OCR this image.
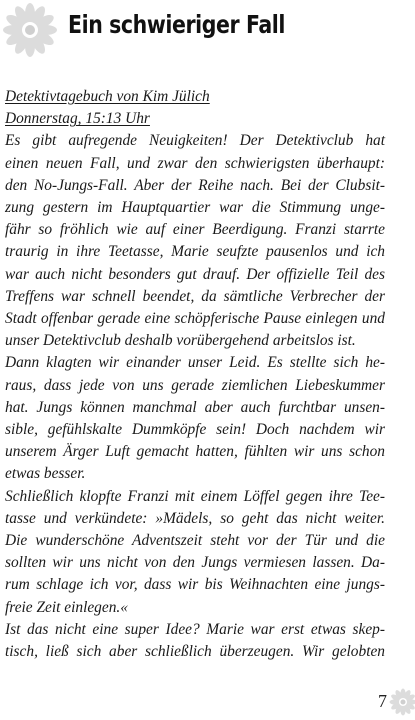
Ein schwieriger Fall
Detektivtagebuch von Kim Jülich
Donnerstag, 15:13 Uhr
Es gibt aufregende Neuigkeiten! Der Detektivclub hat
einen neuen Fall, und zwar den schwierigsten überhaupt:
den No-Jungs-Fall. Aber der Reihe nach. Bei der Clubsit-
zung gestern im Hauptquartier war die Stimmung unge-
fähr so fröhlich wie auf einer Beerdigung. Franzi starrte
traurig in ihre Teetasse, Marie seufzte pausenlos und ich
war auch nicht besonders gut drauf. Der offizielle Teil des
Treffens war schnell beendet, da sämtliche Verbrecher der
Stadt offenbar gerade eine schöpferische Pause einlegen und
unser Detektivclub deshalb vorübergehend arbeitslos ist.
Dann klagten wir einander unser Leid. Es stellte sich he-
raus, dass jede von uns gerade ziemlichen Liebeskummer
hat. Jungs können manchmal aber auch furchtbar unsen-
sible, gefühlskalte Dummköpfe sein! Doch nachdem wir
unserem Ärger Luft gemacht hatten, fühlten wir uns schon
etwas besser.
Schließlich klopfte Franzi mit einem Löffel gegen ihre Tee-
tasse und verkündete: »Mädels, so geht das nicht weiter.
Die wunderschöne Adventszeit steht vor der Tür und die
sollten wir uns nicht von den Jungs vermiesen lassen. Da-
rum schlage ich vor, dass wir bis Weihnachten eine jungs-
freie Zeit einlegen.«
Ist das nicht eine super Idee? Marie war erst etwas skep-
tisch, ließ sich aber schließlich überzeugen. Wir gelobten
7
